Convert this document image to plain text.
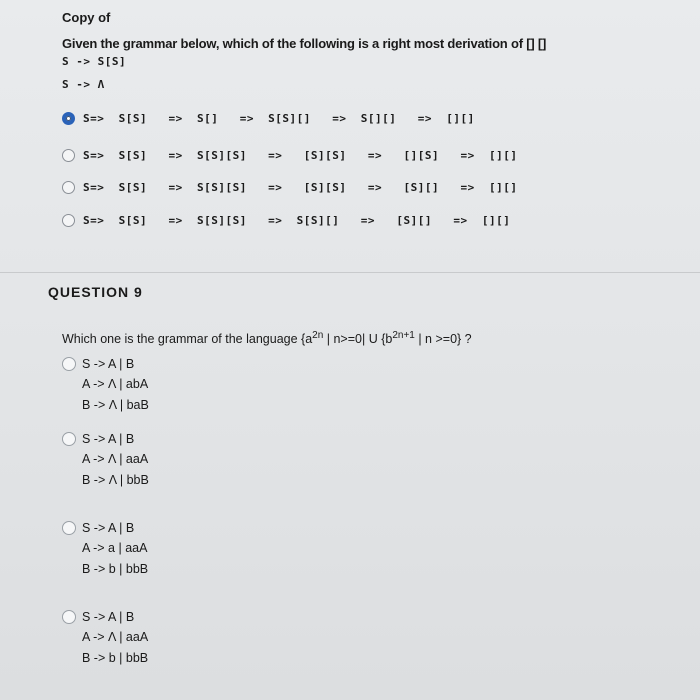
Copy of
Given the grammar below, which of the following is a right most derivation of [] []
S -> S[S]
S -> Λ
S=>  S[S]   =>  S[]   =>  S[S][]   =>  S[][]   =>  [][]
S=>  S[S]   =>  S[S][S]   =>   [S][S]   =>   [][S]   =>  [][]
S=>  S[S]   =>  S[S][S]   =>   [S][S]   =>   [S][]   =>  [][]
S=>  S[S]   =>  S[S][S]   =>  S[S][]   =>   [S][]   =>  [][]
QUESTION 9
Which one is the grammar of the language {$a^{2n}$ | n>=0| U {$b^{2n+1}$ | n >=0} ?
S -> A | B
A -> Λ | abA
B -> Λ | baB
S -> A | B
A -> Λ | aaA
B -> Λ | bbB
S -> A | B
A -> a | aaA
B -> b | bbB
S -> A | B
A -> Λ | aaA
B -> b | bbB
